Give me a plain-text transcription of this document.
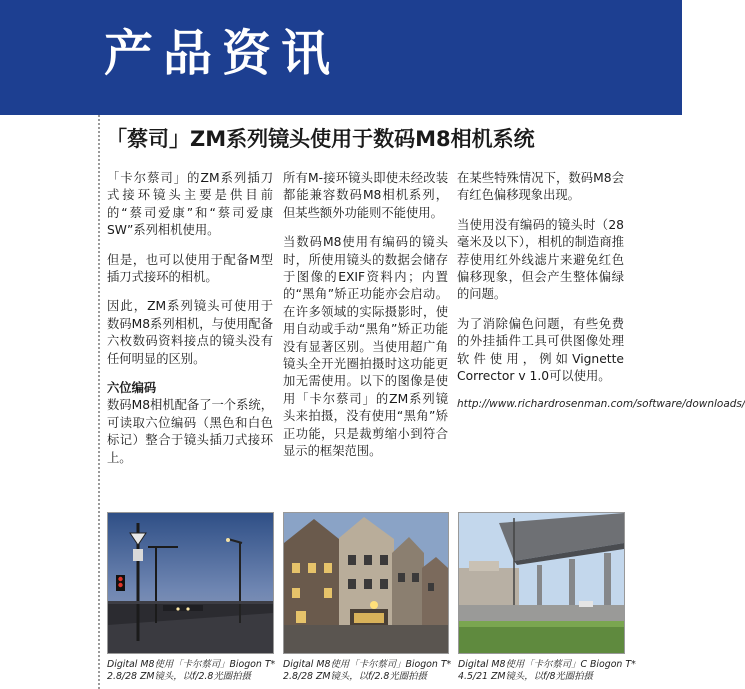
产品资讯
「蔡司」ZM系列镜头使用于数码M8相机系统

「卡尔蔡司」的ZM系列插刀式接环镜头主要是供目前的“蔡司爱康”和“蔡司爱康SW”系列相机使用。

但是，也可以使用于配备M型插刀式接环的相机。

因此，ZM系列镜头可使用于数码M8系列相机，与使用配备六枚数码资料接点的镜头没有任何明显的区别。

六位编码

数码M8相机配备了一个系统，可读取六位编码（黑色和白色标记）整合于镜头插刀式接环上。

所有M-接环镜头即使未经改装都能兼容数码M8相机系列，但某些额外功能则不能使用。

当数码M8使用有编码的镜头时，所使用镜头的数据会储存于图像的EXIF资料内；内置的“黑角”矫正功能亦会启动。在许多领域的实际摄影时，使用自动或手动“黑角”矫正功能没有显著区别。当使用超广角镜头全开光圈拍摄时这功能更加无需使用。以下的图像是使用「卡尔蔡司」的ZM系列镜头来拍摄，没有使用“黑角”矫正功能，只是裁剪缩小到符合显示的框架范围。

在某些特殊情况下，数码M8会有红色偏移现象出现。

当使用没有编码的镜头时（28毫米及以下），相机的制造商推荐使用红外线滤片来避免红色偏移现象，但会产生整体偏绿的问题。

为了消除偏色问题，有些免费的外挂插件工具可供图像处理软件使用，例如Vignette Corrector v 1.0可以使用。

http://www.richardrosenman.com/software/downloads/
Digital M8使用「卡尔蔡司」Biogon T*
2.8/28 ZM镜头，以f/2.8光圈拍摄
Digital M8使用「卡尔蔡司」Biogon T*
2.8/28 ZM镜头，以f/2.8光圈拍摄
Digital M8使用「卡尔蔡司」C Biogon T*
4.5/21 ZM镜头，以f/8光圈拍摄
